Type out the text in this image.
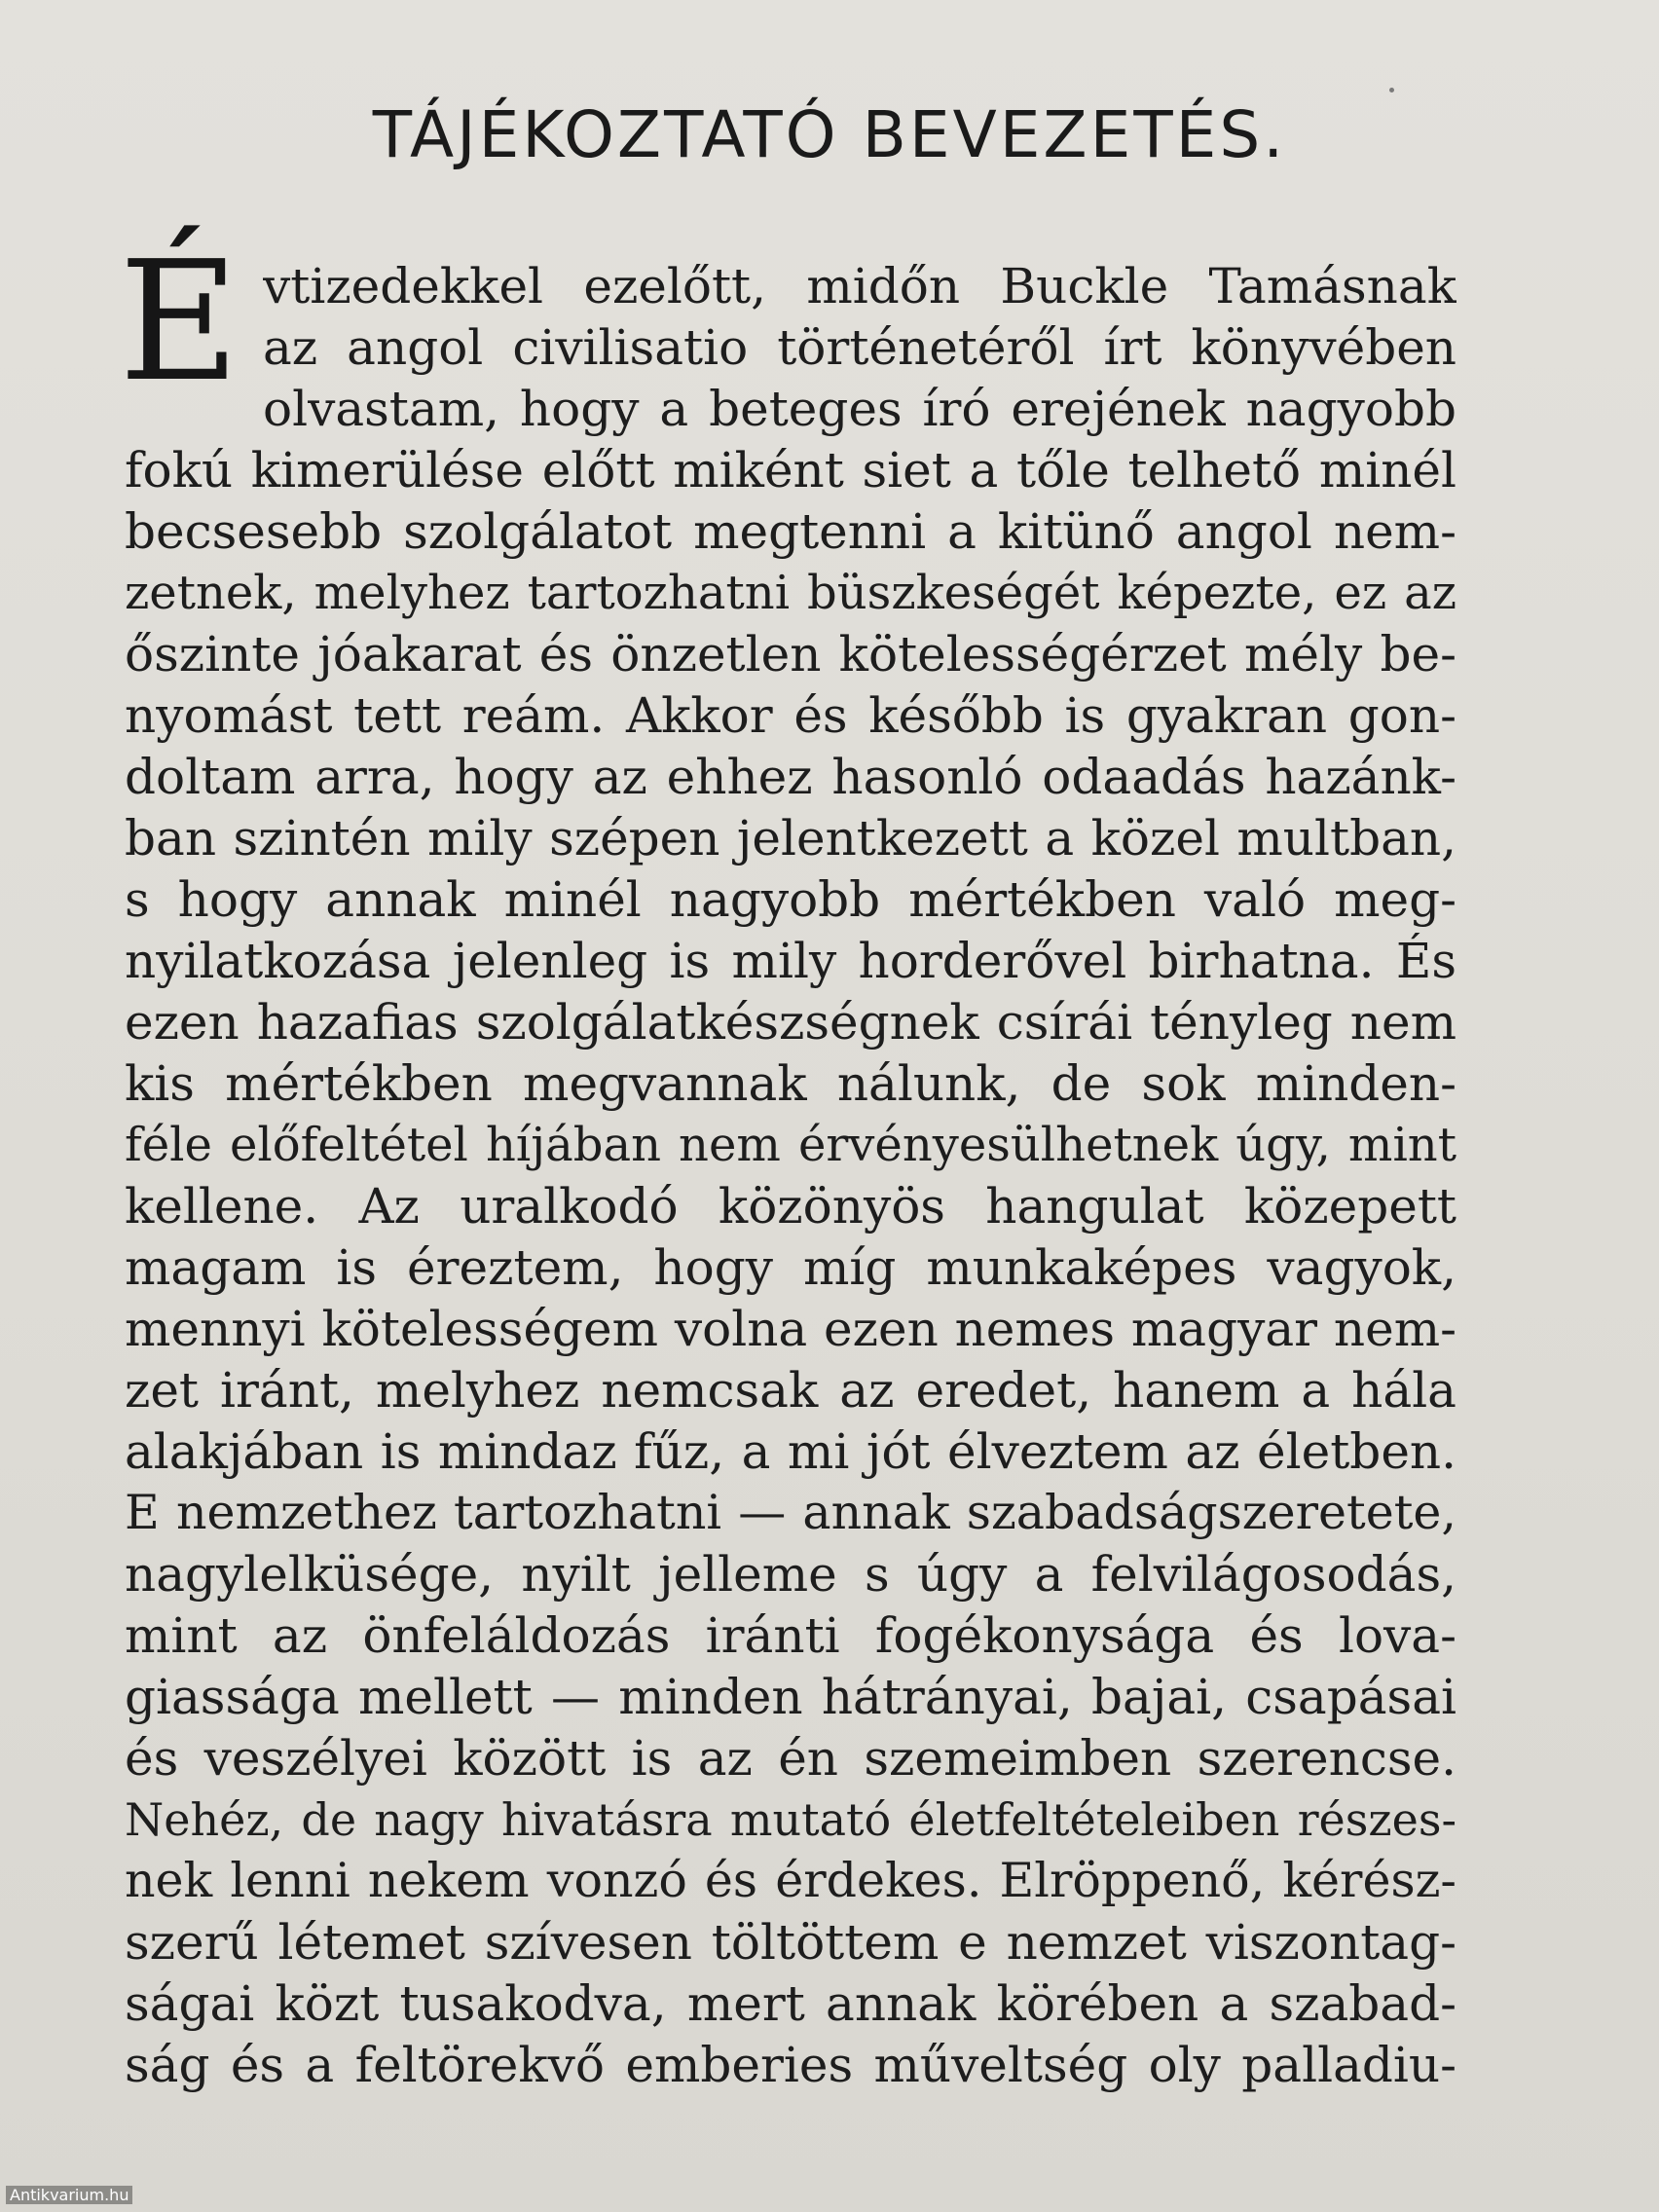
TÁJÉKOZTATÓ BEVEZETÉS.
É vtizedekkel ezelőtt, midőn Buckle Tamásnak
az angol civilisatio történetéről írt könyvében
olvastam, hogy a beteges író erejének nagyobb
fokú kimerülése előtt miként siet a tőle telhető minél
becsesebb szolgálatot megtenni a kitünő angol nem-
zetnek, melyhez tartozhatni büszkeségét képezte, ez az
őszinte jóakarat és önzetlen kötelességérzet mély be-
nyomást tett reám. Akkor és később is gyakran gon-
doltam arra, hogy az ehhez hasonló odaadás hazánk-
ban szintén mily szépen jelentkezett a közel multban,
s hogy annak minél nagyobb mértékben való meg-
nyilatkozása jelenleg is mily horderővel birhatna. És
ezen hazafias szolgálatkészségnek csírái tényleg nem
kis mértékben megvannak nálunk, de sok minden-
féle előfeltétel híjában nem érvényesülhetnek úgy, mint
kellene. Az uralkodó közönyös hangulat közepett
magam is éreztem, hogy míg munkaképes vagyok,
mennyi kötelességem volna ezen nemes magyar nem-
zet iránt, melyhez nemcsak az eredet, hanem a hála
alakjában is mindaz fűz, a mi jót élveztem az életben.
E nemzethez tartozhatni — annak szabadságszeretete,
nagylelküsége, nyilt jelleme s úgy a felvilágosodás,
mint az önfeláldozás iránti fogékonysága és lova-
giassága mellett — minden hátrányai, bajai, csapásai
és veszélyei között is az én szemeimben szerencse.
Nehéz, de nagy hivatásra mutató életfeltételeiben részes-
nek lenni nekem vonzó és érdekes. Elröppenő, kérész-
szerű létemet szívesen töltöttem e nemzet viszontag-
ságai közt tusakodva, mert annak körében a szabad-
ság és a feltörekvő emberies műveltség oly palladiu-
Antikvarium.hu
